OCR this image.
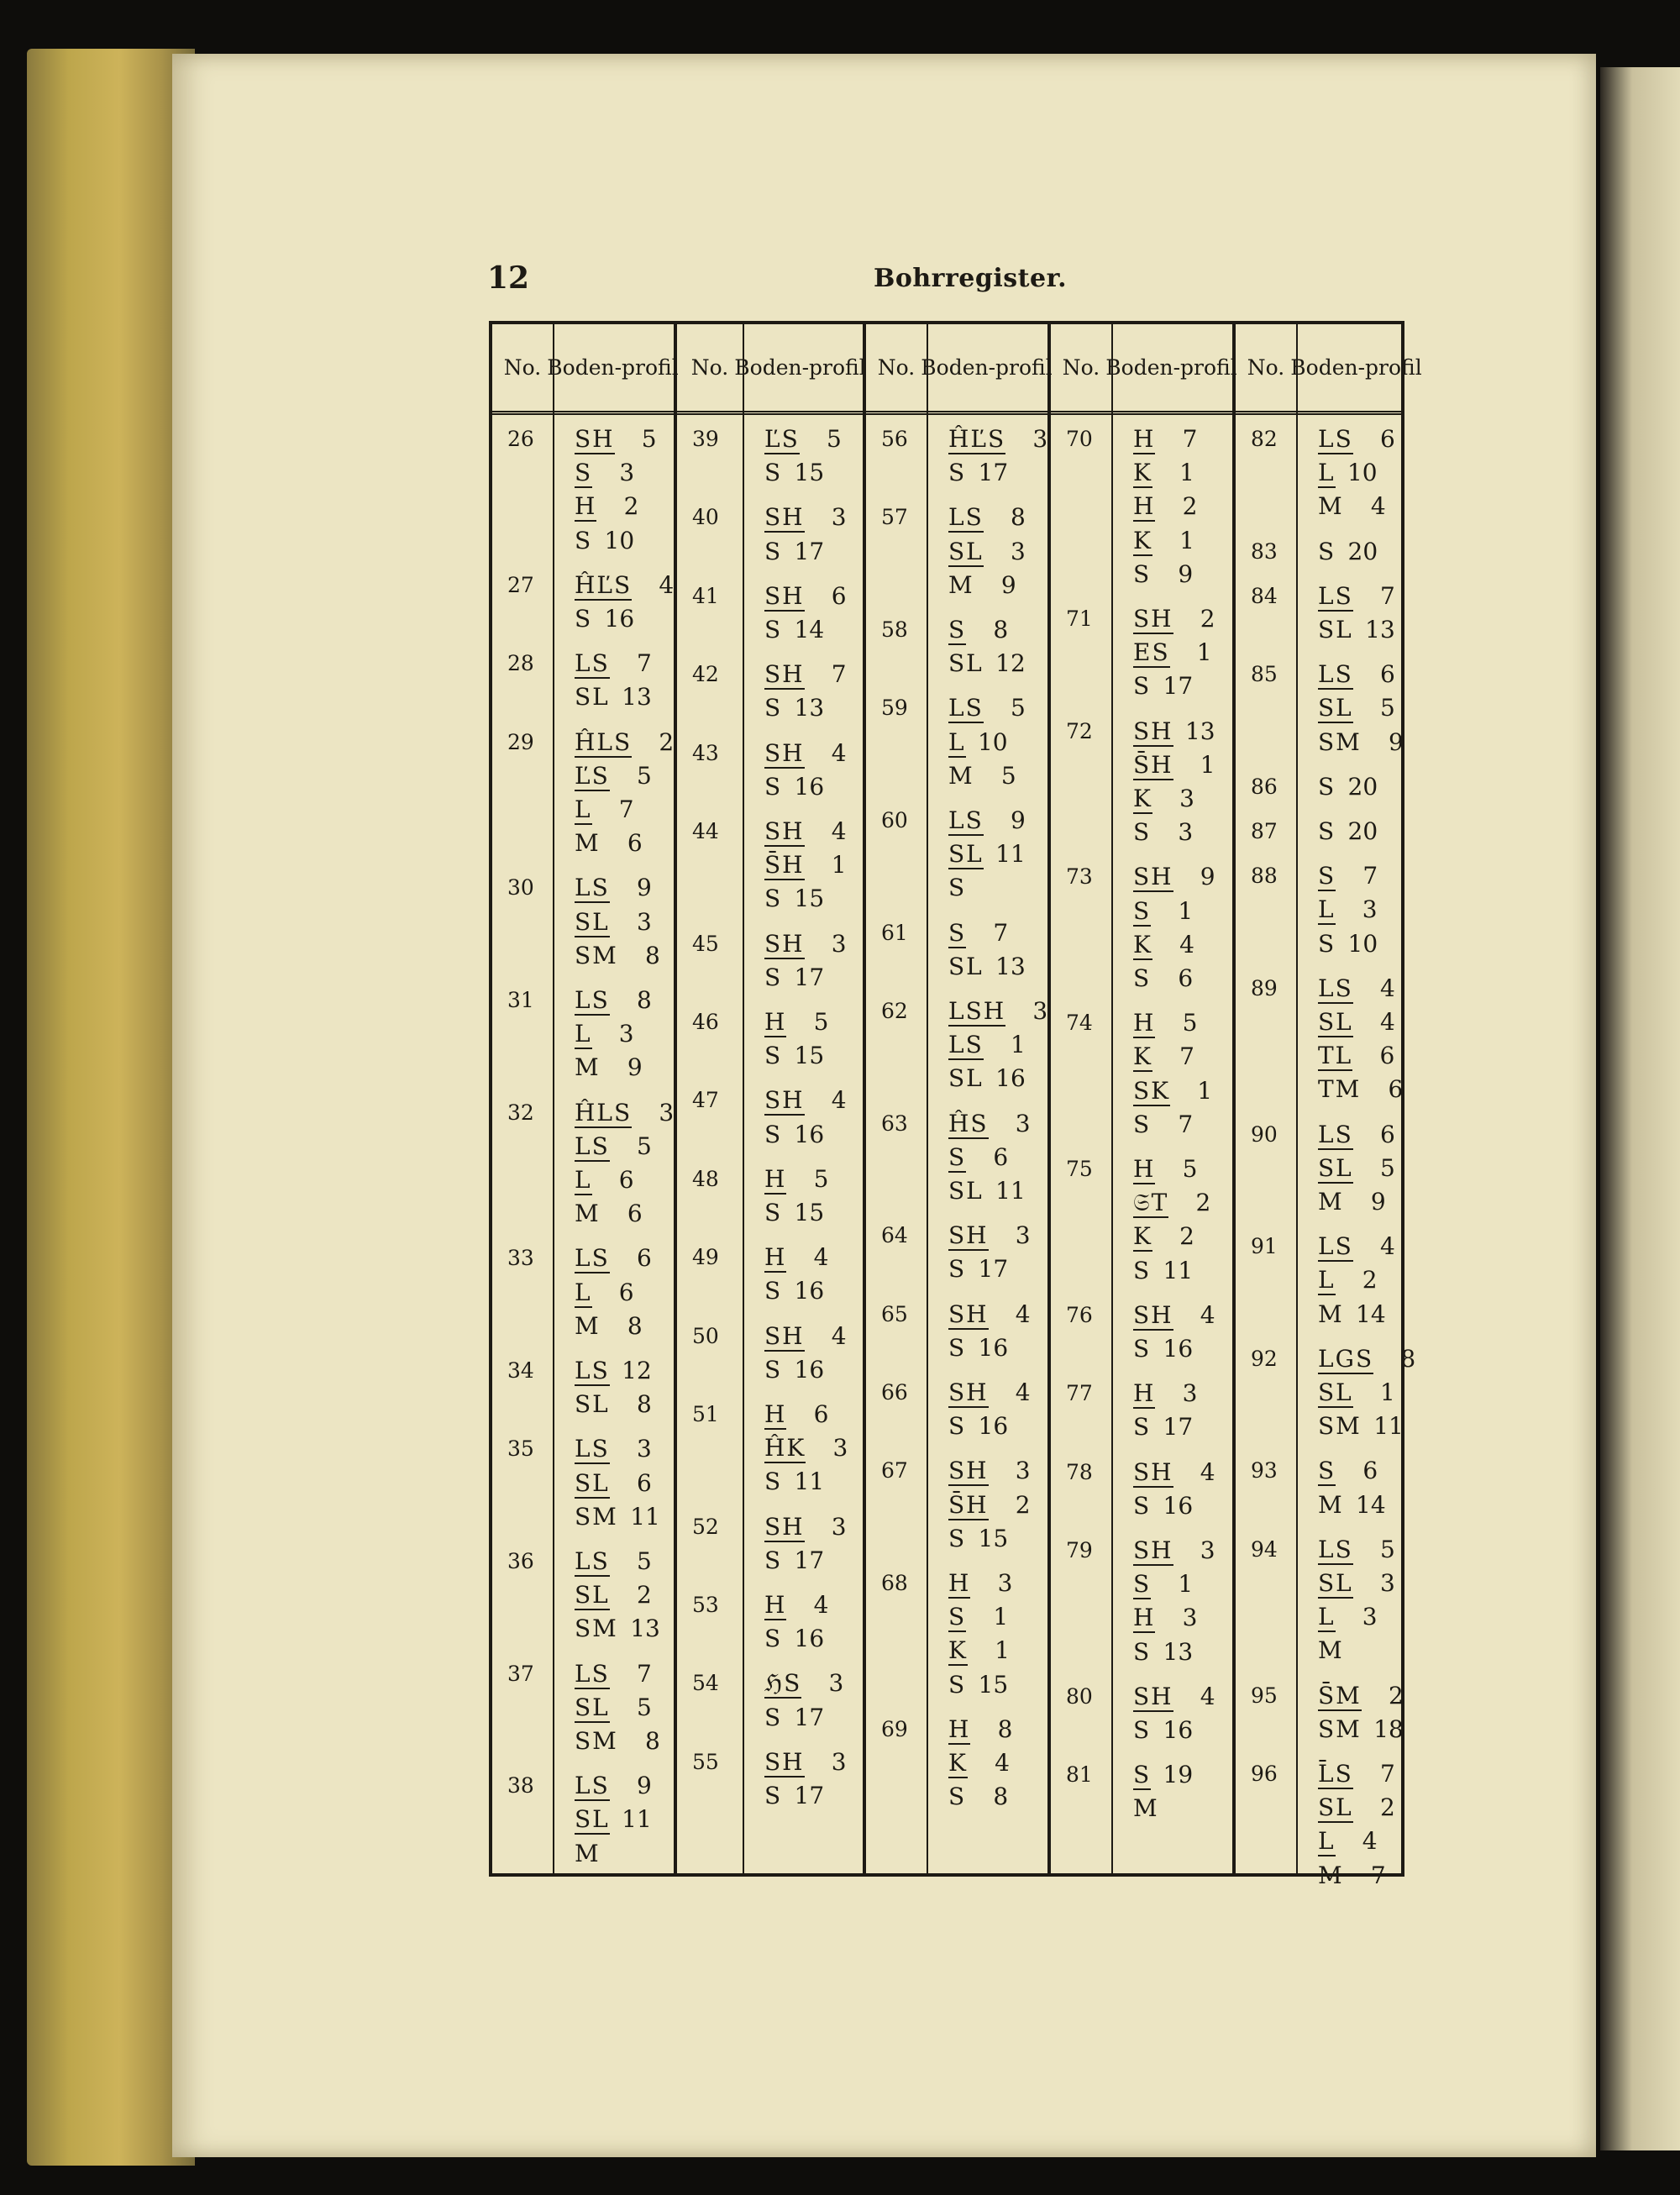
12	Bohrregister.
No. Boden- profil
26 SH 5
S 3
H 2
S 10
27 ĤĽS 4
S 16
28 LS 7
SL 13
29 ĤLS 2
ĽS 5
L 7
M 6
30 LS 9
SL 3
SM 8
31 LS 8
L 3
M 9
32 ĤLS 3
LS 5
L 6
M 6
33 LS 6
L 6
M 8
34 LS 12
SL 8
35 LS 3
SL 6
SM 11
36 LS 5
SL 2
SM 13
37 LS 7
SL 5
SM 8
38 LS 9
SL 11
M
No. Boden- profil
39 ĽS 5
S 15
40 SH 3
S 17
41 SH 6
S 14
42 SH 7
S 13
43 SH 4
S 16
44 SH 4
S̄H 1
S 15
45 SH 3
S 17
46 H 5
S 15
47 SH 4
S 16
48 H 5
S 15
49 H 4
S 16
50 SH 4
S 16
51 H 6
ĤK 3
S 11
52 SH 3
S 17
53 H 4
S 16
54 ℌS 3
S 17
55 SH 3
S 17
No. Boden- profil
56 ĤĽS 3
S 17
57 LS 8
SL 3
M 9
58 S 8
SL 12
59 LS 5
L 10
M 5
60 LS 9
SL 11
S
61 S 7
SL 13
62 LSH 3
LS 1
SL 16
63 ĤS 3
S 6
SL 11
64 SH 3
S 17
65 SH 4
S 16
66 SH 4
S 16
67 SH 3
S̄H 2
S 15
68 H 3
S 1
K 1
S 15
69 H 8
K 4
S 8
No. Boden- profil
70 H 7
K 1
H 2
K 1
S 9
71 SH 2
ES 1
S 17
72 SH 13
S̄H 1
K 3
S 3
73 SH 9
S 1
K 4
S 6
74 H 5
K 7
SK 1
S 7
75 H 5
𝔖T 2
K 2
S 11
76 SH 4
S 16
77 H 3
S 17
78 SH 4
S 16
79 SH 3
S 1
H 3
S 13
80 SH 4
S 16
81 S 19
M
No. Boden- profil
82 LS 6
L 10
M 4
83 S 20
84 LS 7
SL 13
85 LS 6
SL 5
SM 9
86 S 20
87 S 20
88 S 7
L 3
S 10
89 LS 4
SL 4
TL 6
TM 6
90 LS 6
SL 5
M 9
91 LS 4
L 2
M 14
92 LGS 8
SL 1
SM 11
93 S 6
M 14
94 LS 5
SL 3
L 3
M
95 S̄M 2
SM 18
96 L̄S 7
SL 2
L 4
M 7
